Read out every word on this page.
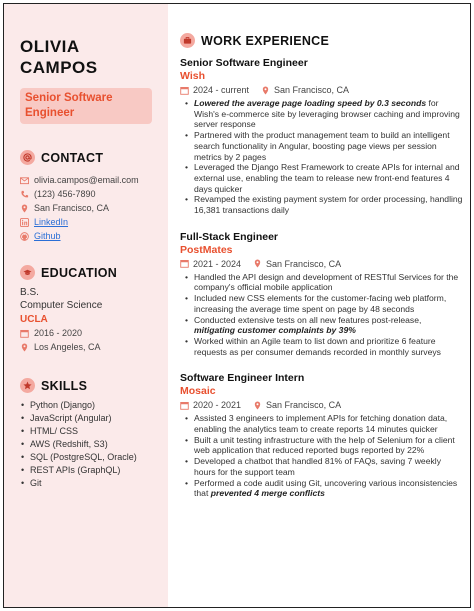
OLIVIA
CAMPOS
Senior Software
Engineer
CONTACT
olivia.campos@email.com
(123) 456-7890
San Francisco, CA
LinkedIn
Github
EDUCATION
B.S.
Computer Science
UCLA
2016 - 2020
Los Angeles, CA
SKILLS
• Python (Django)
• JavaScript (Angular)
• HTML/ CSS
• AWS (Redshift, S3)
• SQL (PostgreSQL, Oracle)
• REST APIs (GraphQL)
• Git
WORK EXPERIENCE
Senior Software Engineer
Wish
2024 - current	San Francisco, CA
• Lowered the average page loading speed by 0.3 seconds for Wish's e-commerce site by leveraging browser caching and improving server response
• Partnered with the product management team to build an intelligent search functionality in Angular, boosting page views per session metrics by 2 pages
• Leveraged the Django Rest Framework to create APIs for internal and external use, enabling the team to release new front-end features 4 days quicker
• Revamped the existing payment system for order processing, handling 16,381 transactions daily
Full-Stack Engineer
PostMates
2021 - 2024	San Francisco, CA
• Handled the API design and development of RESTful Services for the company's official mobile application
• Included new CSS elements for the customer-facing web platform, increasing the average time spent on page by 48 seconds
• Conducted extensive tests on all new features post-release, mitigating customer complaints by 39%
• Worked within an Agile team to list down and prioritize 6 feature requests as per consumer demands recorded in monthly surveys
Software Engineer Intern
Mosaic
2020 - 2021	San Francisco, CA
• Assisted 3 engineers to implement APIs for fetching donation data, enabling the analytics team to create reports 14 minutes quicker
• Built a unit testing infrastructure with the help of Selenium for a client web application that reduced reported bugs reported by 22%
• Developed a chatbot that handled 81% of FAQs, saving 7 weekly hours for the support team
• Performed a code audit using Git, uncovering various inconsistencies that prevented 4 merge conflicts
